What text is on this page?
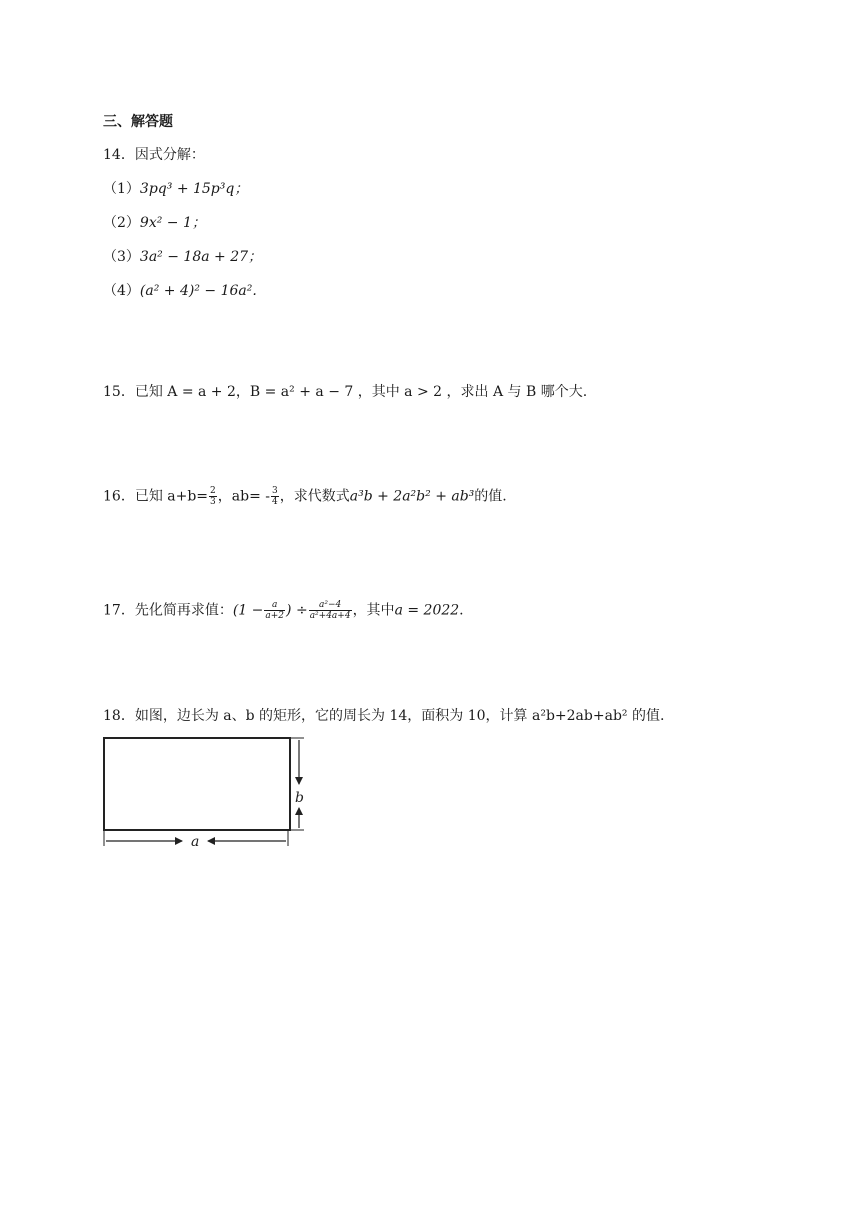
三、解答题
14．因式分解：
（1）3pq³ + 15p³q；
（2）9x² − 1；
（3）3a² − 18a + 27；
（4）(a² + 4)² − 16a².
15．已知 A = a + 2，B = a² + a − 7 ，其中 a > 2 ，求出 A 与 B 哪个大.
16．已知 $a+b= \frac{2}{3}$ ，$ab= - \frac{3}{4}$ ，求代数式a³b + 2a²b² + ab³的值.
17．先化简再求值：($1 - \frac{a}{a+2}$ ) ÷ $\frac{\text{a²−4}}{\text{a²+4a+4}}$ ，其中a = 2022.
18．如图，边长为 a、b 的矩形，它的周长为 14，面积为 10，计算 a²b+2ab+ab² 的值.
b
a
